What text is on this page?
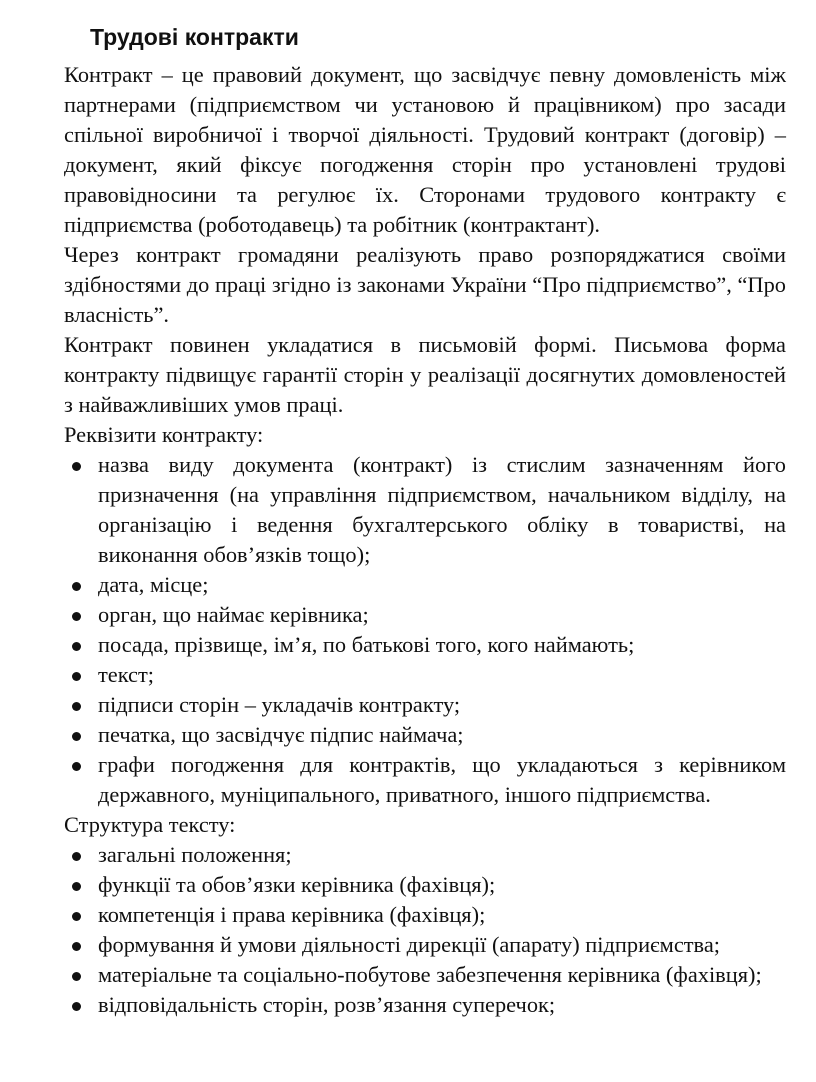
Трудові контракти

Контракт – це правовий документ, що засвідчує певну домовленість між партнерами (підприємством чи установою й працівником) про засади спільної виробничої і творчої діяльності. Трудовий контракт (договір) – документ, який фіксує погодження сторін про установлені трудові правовідносини та регулює їх. Сторонами трудового контракту є підприємства (роботодавець) та робітник (контрактант).

Через контракт громадяни реалізують право розпоряджатися своїми здібностями до праці згідно із законами України “Про підприємство”, “Про власність”.

Контракт повинен укладатися в письмовій формі. Письмова форма контракту підвищує гарантії сторін у реалізації досягнутих домовленостей з найважливіших умов праці.

Реквізити контракту:

назва виду документа (контракт) із стислим зазначенням його призначення (на управління підприємством, начальником відділу, на організацію і ведення бухгалтерського обліку в товаристві, на виконання обов’язків тощо);
дата, місце;
орган, що наймає керівника;
посада, прізвище, ім’я, по батькові того, кого наймають;
текст;
підписи сторін – укладачів контракту;
печатка, що засвідчує підпис наймача;
графи погодження для контрактів, що укладаються з керівником державного, муніципального, приватного, іншого підприємства.

Структура тексту:

загальні положення;
функції та обов’язки керівника (фахівця);
компетенція і права керівника (фахівця);
формування й умови діяльності дирекції (апарату) підприємства;
матеріальне та соціально-побутове забезпечення керівника (фахівця);
відповідальність сторін, розв’язання суперечок;
